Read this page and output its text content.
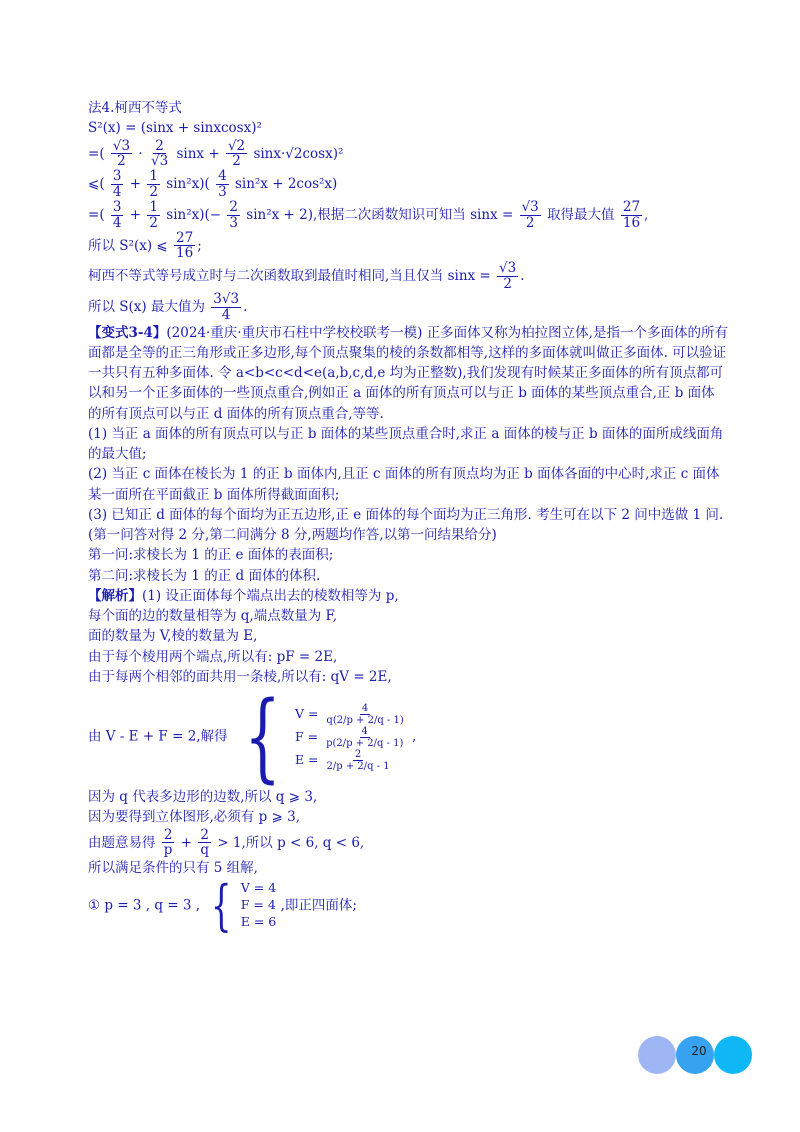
法4.柯西不等式

S²(x) = (sinx + sinxcosx)²

=( $\frac{√3}{2} \cdot \frac{2}{√3}$ $\sin x + \frac{√2}{2} \sin x\cdot√2\cos x)^2$

⩽( $\frac{3}{4} + \frac{1}{2} \sin^2x)( \frac{4}{3} \sin^2x + 2\cos^2x)$

=( $\frac{3}{4} + \frac{1}{2} \sin^2x)(- \frac{2}{3} \sin^2x + 2)$,根据二次函数知识可知当 $\sin x = \frac{√3}{2}$ 取得最大值 $\frac{27}{16}$ ,

所以 S²(x) ⩽ $\frac{27}{16}$ ;

柯西不等式等号成立时与二次函数取到最值时相同,当且仅当 $\sin x = \frac{√3}{2}$ .

所以 S(x) 最大值为 $\frac{3√3}{4}$ .

【变式3-4】(2024·重庆·重庆市石柱中学校校联考一模) 正多面体又称为柏拉图立体,是指一个多面体的所有面都是全等的正三角形或正多边形,每个顶点聚集的棱的条数都相等,这样的多面体就叫做正多面体. 可以验证一共只有五种多面体. 令 a<b<c<d<e(a,b,c,d,e 均为正整数),我们发现有时候某正多面体的所有顶点都可以和另一个正多面体的一些顶点重合,例如正 a 面体的所有顶点可以与正 b 面体的某些顶点重合,正 b 面体的所有顶点可以与正 d 面体的所有顶点重合,等等.

(1) 当正 a 面体的所有顶点可以与正 b 面体的某些顶点重合时,求正 a 面体的棱与正 b 面体的面所成线面角的最大值;

(2) 当正 c 面体在棱长为 1 的正 b 面体内,且正 c 面体的所有顶点均为正 b 面体各面的中心时,求正 c 面体某一面所在平面截正 b 面体所得截面面积;

(3) 已知正 d 面体的每个面均为正五边形,正 e 面体的每个面均为正三角形. 考生可在以下 2 问中选做 1 问.

(第一问答对得 2 分,第二问满分 8 分,两题均作答,以第一问结果给分)

第一问:求棱长为 1 的正 e 面体的表面积;

第二问:求棱长为 1 的正 d 面体的体积.

【解析】(1) 设正面体每个端点出去的棱数相等为 p,

每个面的边的数量相等为 q,端点数量为 F,

面的数量为 V,棱的数量为 E,

由于每个棱用两个端点,所以有: pF = 2E,

由于每两个相邻的面共用一条棱,所以有: qV = 2E,

由 V - E + F = 2,解得 { $V = \frac{4}{q(2/p + 2/q - 1)}$
$F = \frac{4}{p(2/p + 2/q - 1)}$
$E = \frac{2}{2/p + 2/q - 1}$
,

因为 q 代表多边形的边数,所以 q ⩾ 3,

因为要得到立体图形,必须有 p ⩾ 3,

由题意易得 $\frac{2}{p} + \frac{2}{q} > 1$,所以 p < 6, q < 6,

所以满足条件的只有 5 组解,

① p = 3 , q = 3 , { V = 4
F = 4
E = 6
,即正四面体;
20
